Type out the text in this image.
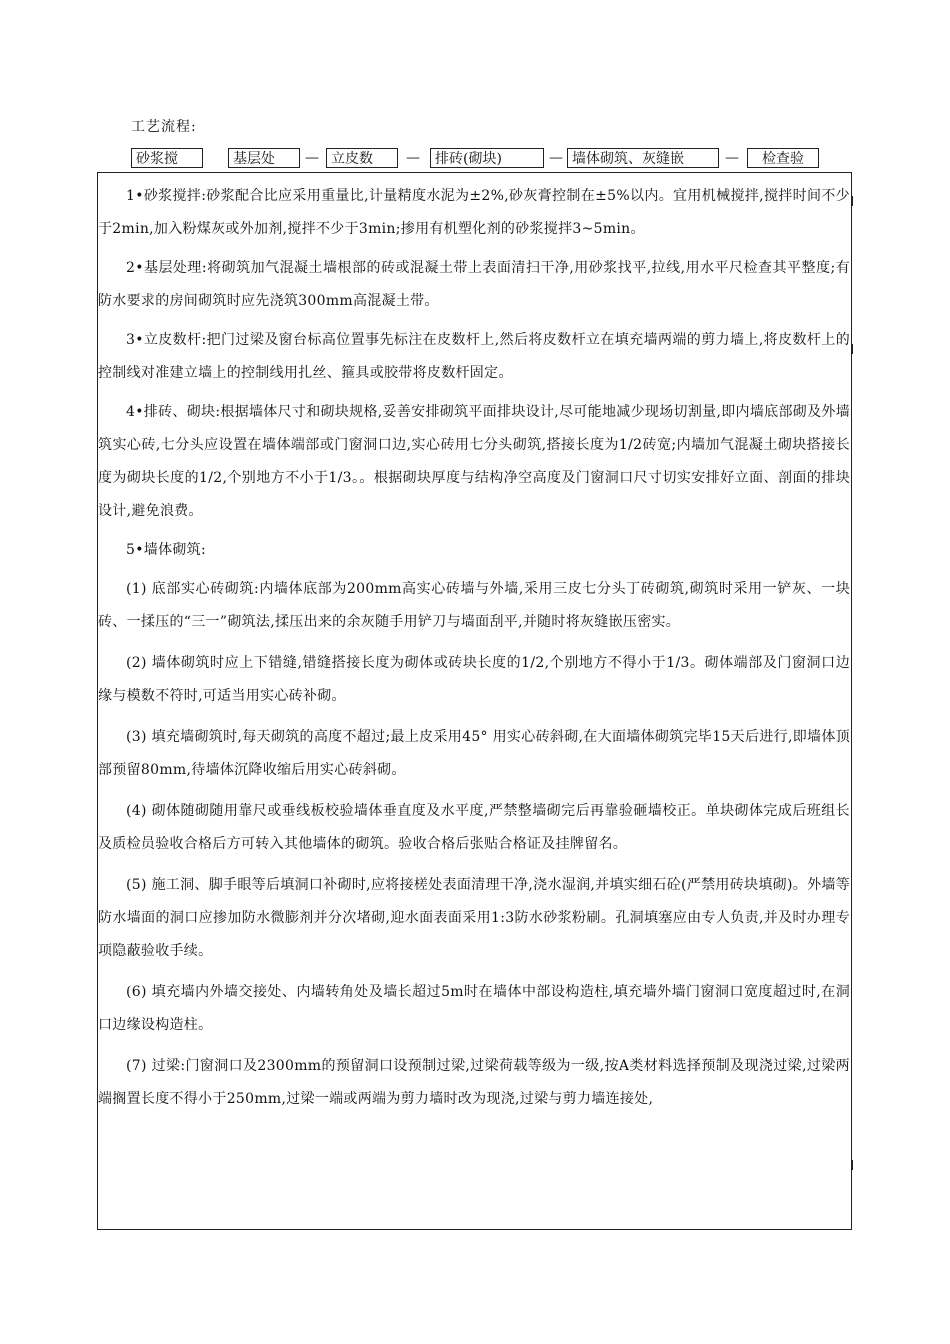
工艺流程:
砂浆搅	基层处	— 立皮数	—	排砖(砌块)	— 墙体砌筑、灰缝嵌	—	检查验

1•砂浆搅拌:砂浆配合比应采用重量比,计量精度水泥为±2%,砂灰膏控制在±5%以内。宜用机械搅拌,搅拌时间不少于2min,加入粉煤灰或外加剂,搅拌不少于3min;掺用有机塑化剂的砂浆搅拌3~5min。

2•基层处理:将砌筑加气混凝土墙根部的砖或混凝土带上表面清扫干净,用砂浆找平,拉线,用水平尺检查其平整度;有防水要求的房间砌筑时应先浇筑300mm高混凝土带。

3•立皮数杆:把门过梁及窗台标高位置事先标注在皮数杆上,然后将皮数杆立在填充墙两端的剪力墙上,将皮数杆上的控制线对准建立墙上的控制线用扎丝、箍具或胶带将皮数杆固定。

4•排砖、砌块:根据墙体尺寸和砌块规格,妥善安排砌筑平面排块设计,尽可能地减少现场切割量,即内墙底部砌及外墙筑实心砖,七分头应设置在墙体端部或门窗洞口边,实心砖用七分头砌筑,搭接长度为1/2砖宽;内墙加气混凝土砌块搭接长度为砌块长度的1/2,个别地方不小于1/3。。根据砌块厚度与结构净空高度及门窗洞口尺寸切实安排好立面、剖面的排块设计,避免浪费。

5•墙体砌筑:

(1) 底部实心砖砌筑:内墙体底部为200mm高实心砖墙与外墙,采用三皮七分头丁砖砌筑,砌筑时采用一铲灰、一块砖、一揉压的“三一”砌筑法,揉压出来的余灰随手用铲刀与墙面刮平,并随时将灰缝嵌压密实。

(2) 墙体砌筑时应上下错缝,错缝搭接长度为砌体或砖块长度的1/2,个别地方不得小于1/3。砌体端部及门窗洞口边缘与模数不符时,可适当用实心砖补砌。

(3) 填充墙砌筑时,每天砌筑的高度不超过;最上皮采用45° 用实心砖斜砌,在大面墙体砌筑完毕15天后进行,即墙体顶部预留80mm,待墙体沉降收缩后用实心砖斜砌。

(4) 砌体随砌随用靠尺或垂线板校验墙体垂直度及水平度,严禁整墙砌完后再靠验砸墙校正。单块砌体完成后班组长及质检员验收合格后方可转入其他墙体的砌筑。验收合格后张贴合格证及挂牌留名。

(5) 施工洞、脚手眼等后填洞口补砌时,应将接槎处表面清理干净,浇水湿润,并填实细石砼(严禁用砖块填砌)。外墙等防水墙面的洞口应掺加防水微膨剂并分次堵砌,迎水面表面采用1:3防水砂浆粉刷。孔洞填塞应由专人负责,并及时办理专项隐蔽验收手续。

(6) 填充墙内外墙交接处、内墙转角处及墙长超过5m时在墙体中部设构造柱,填充墙外墙门窗洞口宽度超过时,在洞口边缘设构造柱。

(7) 过梁:门窗洞口及2300mm的预留洞口设预制过梁,过梁荷载等级为一级,按A类材料选择预制及现浇过梁,过梁两端搁置长度不得小于250mm,过梁一端或两端为剪力墙时改为现浇,过梁与剪力墙连接处,
